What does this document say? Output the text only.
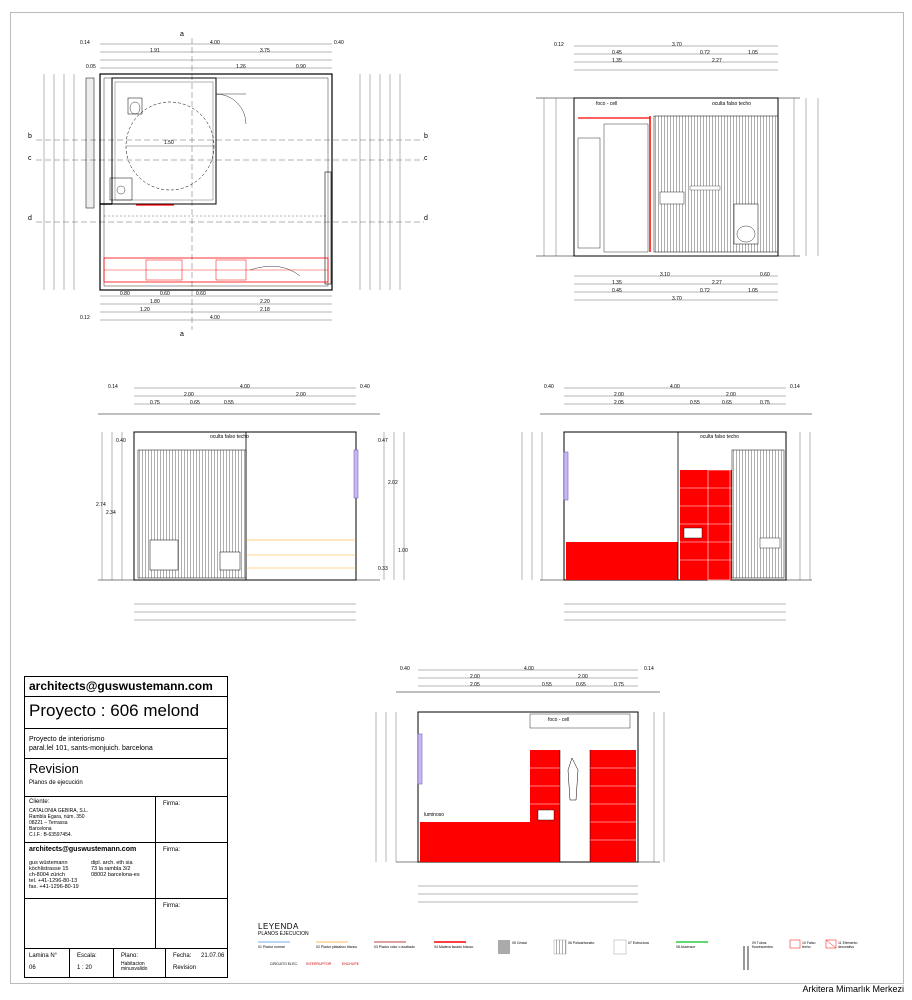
a
a
b	b
c	c
d	d
0.14	4.00	0.40
1.91	3.75
1.26	0.90
0.05
0.80	0.60	0.60
1.80	2.20
1.20	2.18
4.00
0.12
1.50
3.70
0.45	0.72	1.05
1.35	2.27
0.12
3.10	0.60
0.45	0.72	1.05
1.35	2.27
3.70
foco - cell	oculta falso techo
4.00	0.40
2.00	2.00
0.75	0.65	0.55
0.14
oculta falso techo
2.74
2.34
0.40	0.47
2.02
1.00
0.33
4.00
0.40
2.00	2.00
2.05	0.55	0.65	0.75
0.14
oculta falso techo
4.00
0.40
2.00	2.00
2.05	0.55	0.65	0.75
0.14
foco - cell
luminoso
architects@guswustemann.com
Proyecto : 606 melond
Proyecto de interiorismo
paral.lel 101, sants-monjuich. barcelona
Revision
Planos de ejecución
Cliente:
CATALONIA GEBIRA, S.L.
Rambla Egara, núm. 350
08221 – Terrassa
Barcelona
C.I.F.: B-63597454.
Firma:
architects@guswustemann.com
gus wüstemann
köchlistrasse 15
ch-8004 zürich
tel. +41-1296-80-13
fax. +41-1296-80-19
dipl. arch. eth sia
73 la rambla 3/2
08002 barcelona-es
Firma:
Firma:
Lamina N°
06
Escala:
1 : 20
Plano:
Habitacion minusvalido
Fecha:	21.07.06
Revision
LEYENDA
PLANOS EJECUCION
01 Pladur normal	02 Pladur plakabox blanco	03 Pladur color o acabado	04 Madera lacado blanco
05 Cristal	06 Policarbonato	07 Estructura
08 Ascensor
09 Tubos fluorescentes
10 Falso techo
11 Elemento decorativo
CIRCUITO ELEC.	INTERRUPTOR	ENCHUFE
Arkitera Mimarlık Merkezi
